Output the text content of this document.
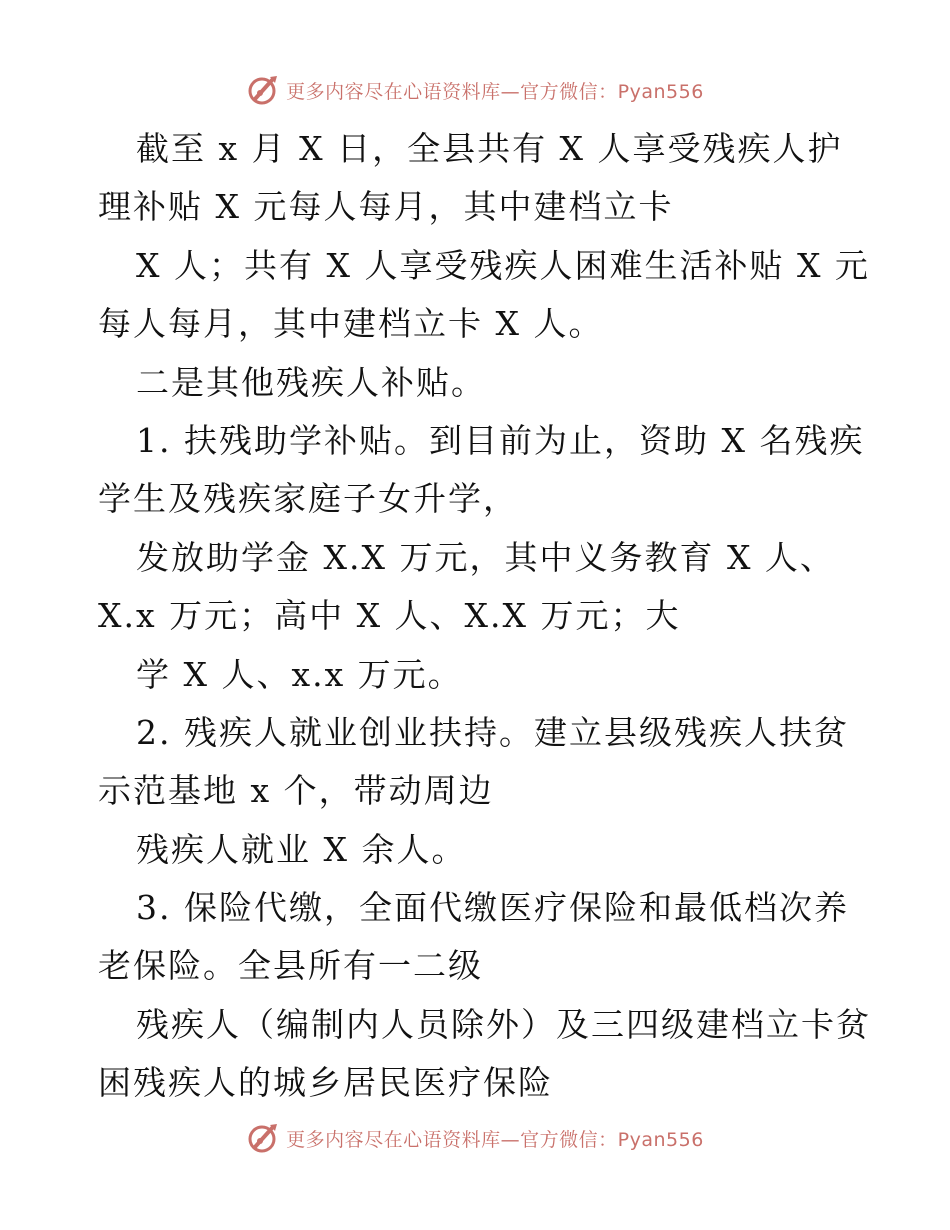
更多内容尽在心语资料库—官方微信：Pyan556
截至 x 月 X 日，全县共有 X 人享受残疾人护
理补贴 X 元每人每月，其中建档立卡
X 人；共有 X 人享受残疾人困难生活补贴 X 元
每人每月，其中建档立卡 X 人。
二是其他残疾人补贴。
1. 扶残助学补贴。到目前为止，资助 X 名残疾
学生及残疾家庭子女升学，
发放助学金 X.X 万元，其中义务教育 X 人、
X.x 万元；高中 X 人、X.X 万元；大
学 X 人、x.x 万元。
2. 残疾人就业创业扶持。建立县级残疾人扶贫
示范基地 x 个，带动周边
残疾人就业 X 余人。
3. 保险代缴，全面代缴医疗保险和最低档次养
老保险。全县所有一二级
残疾人（编制内人员除外）及三四级建档立卡贫
困残疾人的城乡居民医疗保险
更多内容尽在心语资料库—官方微信：Pyan556
